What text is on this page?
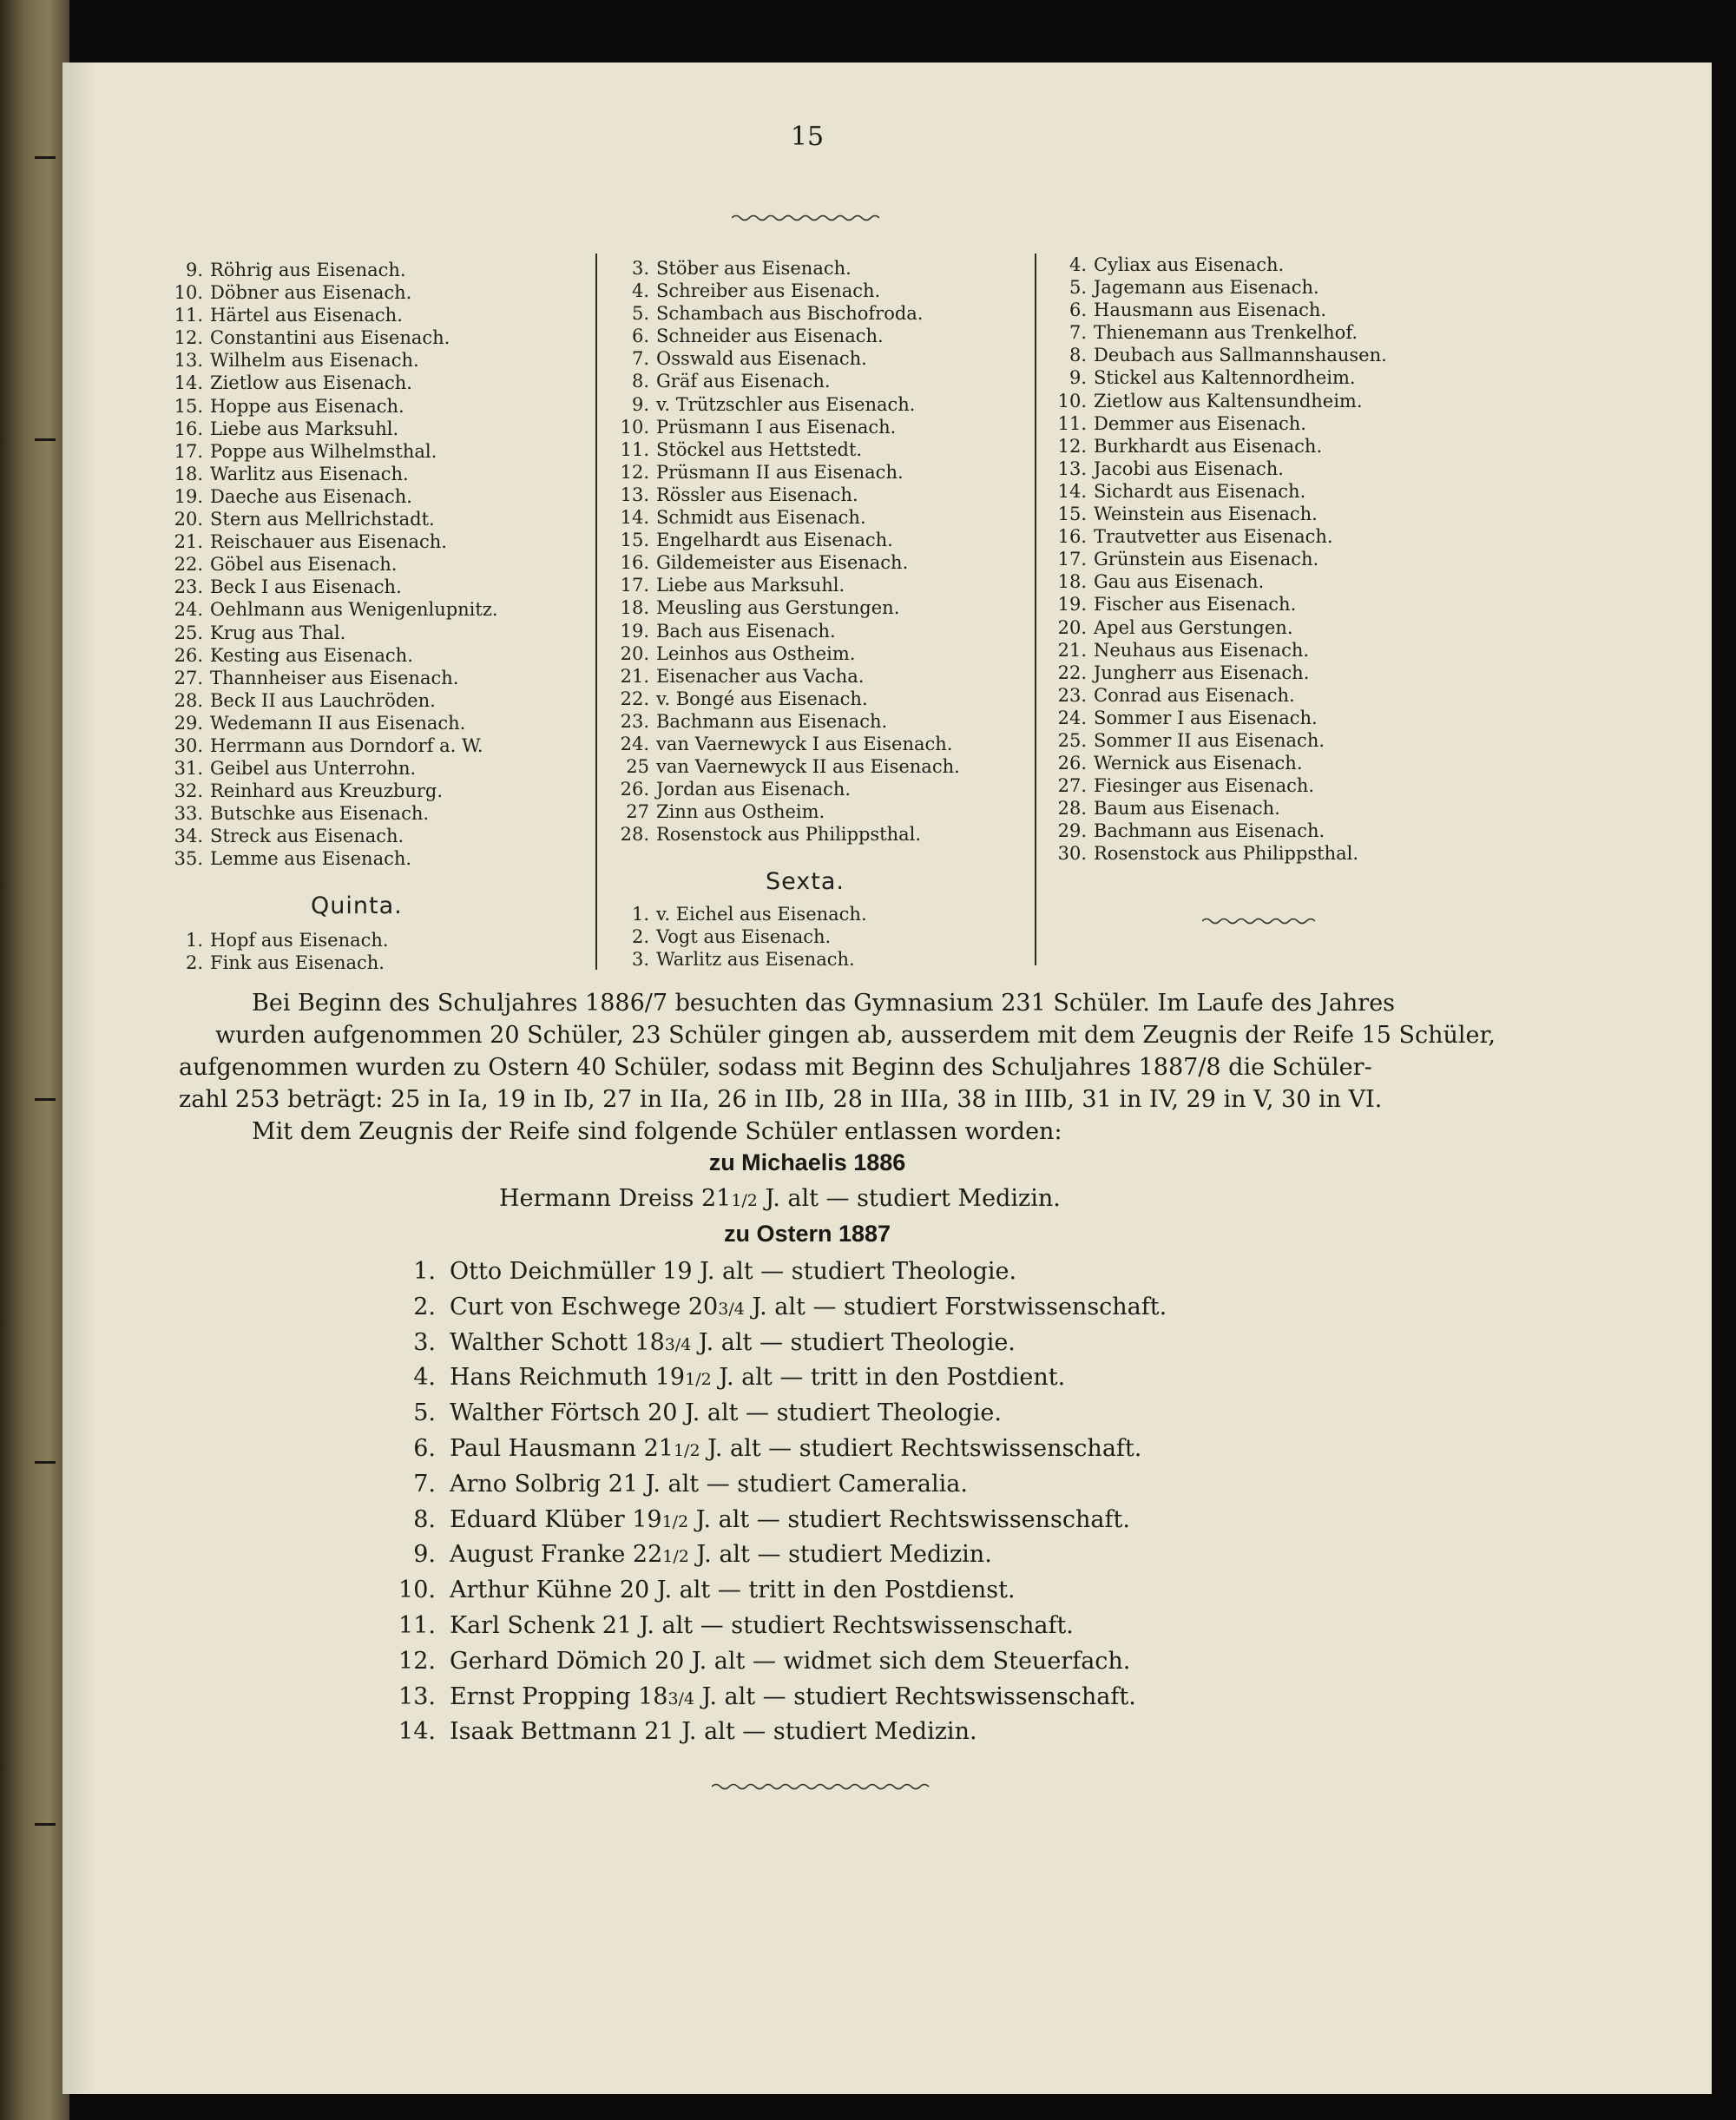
15
9. Röhrig aus Eisenach.
10. Döbner aus Eisenach.
11. Härtel aus Eisenach.
12. Constantini aus Eisenach.
13. Wilhelm aus Eisenach.
14. Zietlow aus Eisenach.
15. Hoppe aus Eisenach.
16. Liebe aus Marksuhl.
17. Poppe aus Wilhelmsthal.
18. Warlitz aus Eisenach.
19. Daeche aus Eisenach.
20. Stern aus Mellrichstadt.
21. Reischauer aus Eisenach.
22. Göbel aus Eisenach.
23. Beck I aus Eisenach.
24. Oehlmann aus Wenigenlupnitz.
25. Krug aus Thal.
26. Kesting aus Eisenach.
27. Thannheiser aus Eisenach.
28. Beck II aus Lauchröden.
29. Wedemann II aus Eisenach.
30. Herrmann aus Dorndorf a. W.
31. Geibel aus Unterrohn.
32. Reinhard aus Kreuzburg.
33. Butschke aus Eisenach.
34. Streck aus Eisenach.
35. Lemme aus Eisenach.
Quinta.
1. Hopf aus Eisenach.
2. Fink aus Eisenach.
3. Stöber aus Eisenach.
4. Schreiber aus Eisenach.
5. Schambach aus Bischofroda.
6. Schneider aus Eisenach.
7. Osswald aus Eisenach.
8. Gräf aus Eisenach.
9. v. Trützschler aus Eisenach.
10. Prüsmann I aus Eisenach.
11. Stöckel aus Hettstedt.
12. Prüsmann II aus Eisenach.
13. Rössler aus Eisenach.
14. Schmidt aus Eisenach.
15. Engelhardt aus Eisenach.
16. Gildemeister aus Eisenach.
17. Liebe aus Marksuhl.
18. Meusling aus Gerstungen.
19. Bach aus Eisenach.
20. Leinhos aus Ostheim.
21. Eisenacher aus Vacha.
22. v. Bongé aus Eisenach.
23. Bachmann aus Eisenach.
24. van Vaernewyck I aus Eisenach.
25 van Vaernewyck II aus Eisenach.
26. Jordan aus Eisenach.
27 Zinn aus Ostheim.
28. Rosenstock aus Philippsthal.
Sexta.
1. v. Eichel aus Eisenach.
2. Vogt aus Eisenach.
3. Warlitz aus Eisenach.
4. Cyliax aus Eisenach.
5. Jagemann aus Eisenach.
6. Hausmann aus Eisenach.
7. Thienemann aus Trenkelhof.
8. Deubach aus Sallmannshausen.
9. Stickel aus Kaltennordheim.
10. Zietlow aus Kaltensundheim.
11. Demmer aus Eisenach.
12. Burkhardt aus Eisenach.
13. Jacobi aus Eisenach.
14. Sichardt aus Eisenach.
15. Weinstein aus Eisenach.
16. Trautvetter aus Eisenach.
17. Grünstein aus Eisenach.
18. Gau aus Eisenach.
19. Fischer aus Eisenach.
20. Apel aus Gerstungen.
21. Neuhaus aus Eisenach.
22. Jungherr aus Eisenach.
23. Conrad aus Eisenach.
24. Sommer I aus Eisenach.
25. Sommer II aus Eisenach.
26. Wernick aus Eisenach.
27. Fiesinger aus Eisenach.
28. Baum aus Eisenach.
29. Bachmann aus Eisenach.
30. Rosenstock aus Philippsthal.
Bei Beginn des Schuljahres 1886/7 besuchten das Gymnasium 231 Schüler. Im Laufe des Jahres
wurden aufgenommen 20 Schüler, 23 Schüler gingen ab, ausserdem mit dem Zeugnis der Reife 15 Schüler,
aufgenommen wurden zu Ostern 40 Schüler, sodass mit Beginn des Schuljahres 1887/8 die Schüler-
zahl 253 beträgt: 25 in Ia, 19 in Ib, 27 in IIa, 26 in IIb, 28 in IIIa, 38 in IIIb, 31 in IV, 29 in V, 30 in VI.
Mit dem Zeugnis der Reife sind folgende Schüler entlassen worden:
zu Michaelis 1886
Hermann Dreiss 211/2 J. alt — studiert Medizin.
zu Ostern 1887
1. Otto Deichmüller 19 J. alt — studiert Theologie.
2. Curt von Eschwege 203/4 J. alt — studiert Forstwissenschaft.
3. Walther Schott 183/4 J. alt — studiert Theologie.
4. Hans Reichmuth 191/2 J. alt — tritt in den Postdient.
5. Walther Förtsch 20 J. alt — studiert Theologie.
6. Paul Hausmann 211/2 J. alt — studiert Rechtswissenschaft.
7. Arno Solbrig 21 J. alt — studiert Cameralia.
8. Eduard Klüber 191/2 J. alt — studiert Rechtswissenschaft.
9. August Franke 221/2 J. alt — studiert Medizin.
10. Arthur Kühne 20 J. alt — tritt in den Postdienst.
11. Karl Schenk 21 J. alt — studiert Rechtswissenschaft.
12. Gerhard Dömich 20 J. alt — widmet sich dem Steuerfach.
13. Ernst Propping 183/4 J. alt — studiert Rechtswissenschaft.
14. Isaak Bettmann 21 J. alt — studiert Medizin.
